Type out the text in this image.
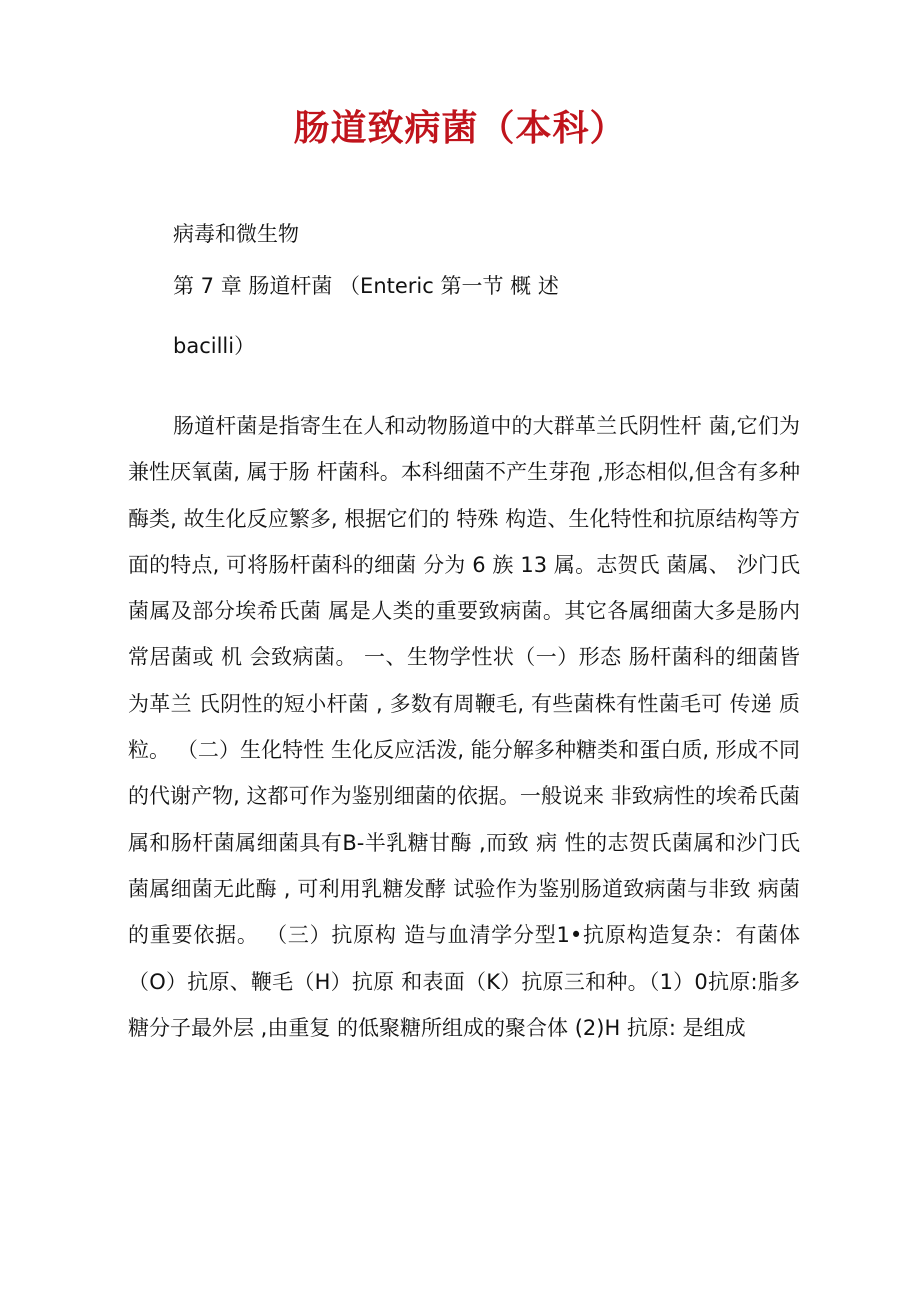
肠道致病菌（本科）
病毒和微生物
第 7 章 肠道杆菌 （Enteric 第一节 概 述
bacilli）

肠道杆菌是指寄生在人和动物肠道中的大群革兰氏阴性杆 菌,它们为兼性厌氧菌, 属于肠 杆菌科。本科细菌不产生芽孢 ,形态相似,但含有多种酶类, 故生化反应繁多, 根据它们的 特殊 构造、生化特性和抗原结构等方面的特点, 可将肠杆菌科的细菌 分为 6 族 13 属。志贺氏 菌属、 沙门氏菌属及部分埃希氏菌 属是人类的重要致病菌。其它各属细菌大多是肠内常居菌或 机 会致病菌。 一、生物学性状（一）形态 肠杆菌科的细菌皆为革兰 氏阴性的短小杆菌 , 多数有周鞭毛, 有些菌株有性菌毛可 传递 质粒。 （二）生化特性 生化反应活泼, 能分解多种糖类和蛋白质, 形成不同的代谢产物, 这都可作为鉴别细菌的依据。一般说来 非致病性的埃希氏菌属和肠杆菌属细菌具有B-半乳糖甘酶 ,而致 病 性的志贺氏菌属和沙门氏菌属细菌无此酶 , 可利用乳糖发酵 试验作为鉴别肠道致病菌与非致 病菌的重要依据。 （三）抗原构 造与血清学分型1•抗原构造复杂：有菌体（O）抗原、鞭毛（H）抗原 和表面（K）抗原三和种。（1）0抗原:脂多糖分子最外层 ,由重复 的低聚糖所组成的聚合体 (2)H 抗原: 是组成
